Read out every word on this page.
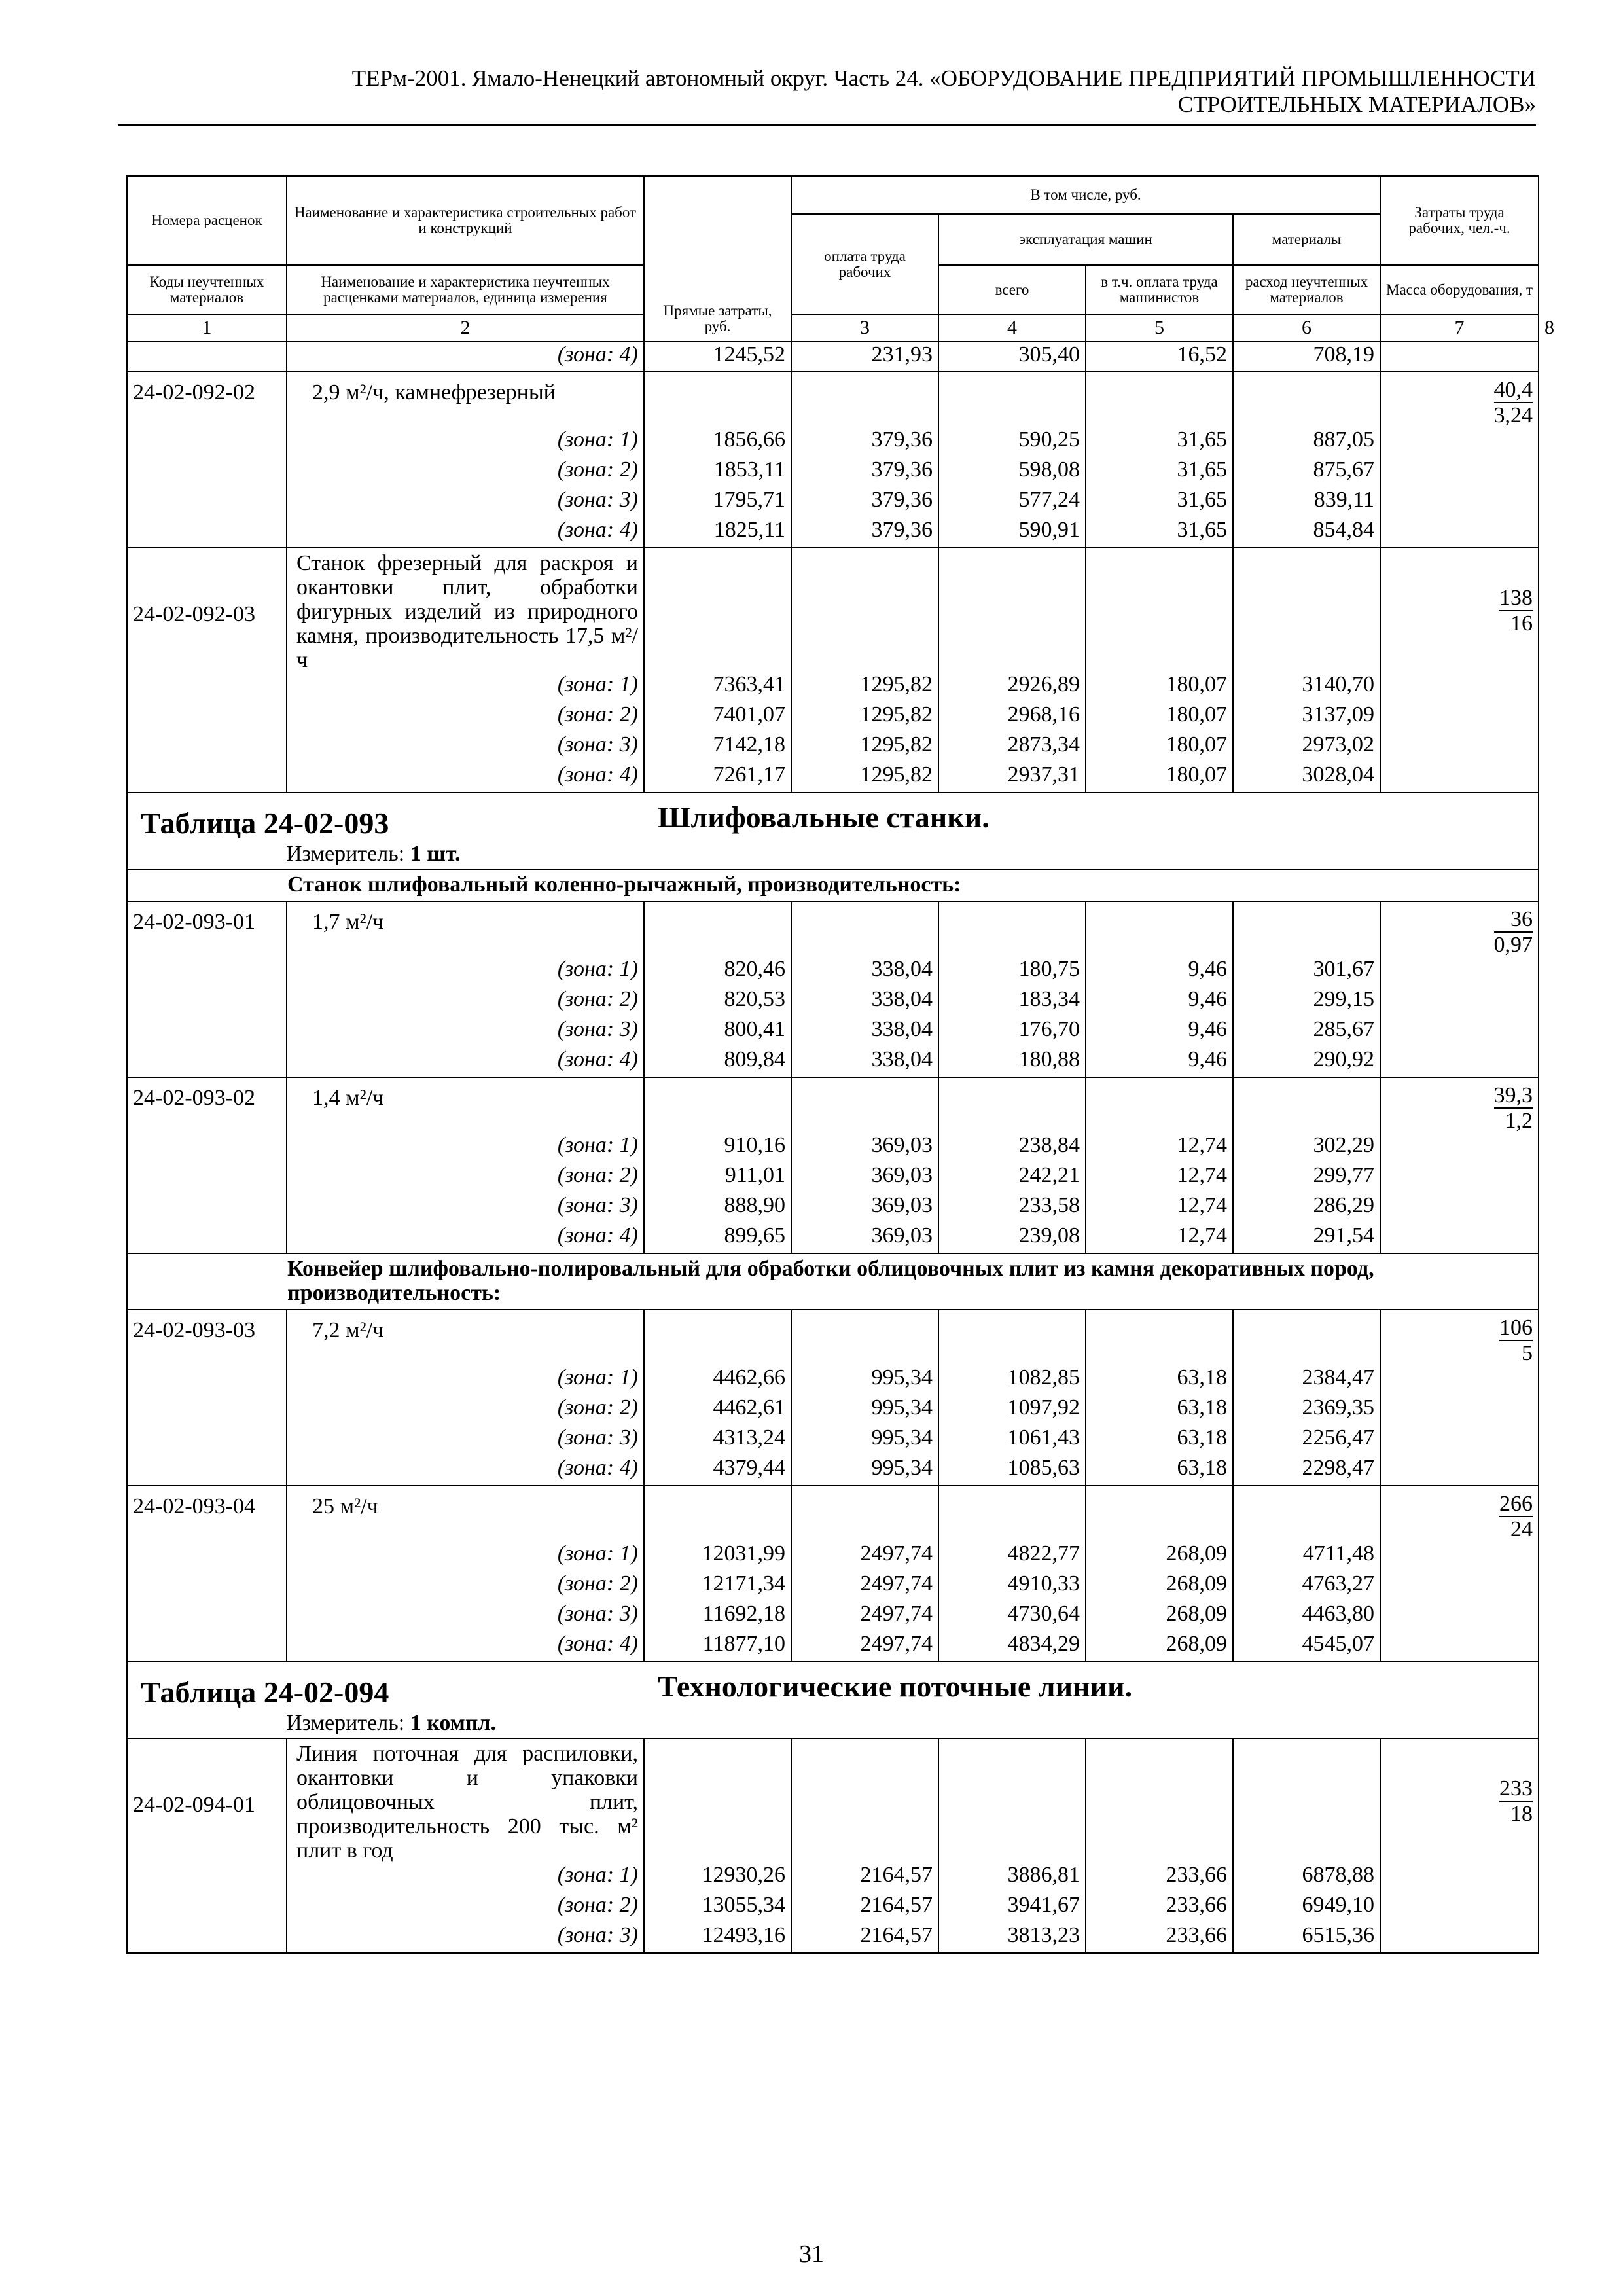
ТЕРм-2001. Ямало-Ненецкий автономный округ. Часть 24. «ОБОРУДОВАНИЕ ПРЕДПРИЯТИЙ ПРОМЫШЛЕННОСТИ
СТРОИТЕЛЬНЫХ МАТЕРИАЛОВ»
Номера расценок	Наименование и характеристика строительных работ и конструкций	Прямые затраты, руб.	В том числе, руб.				Затраты труда рабочих, чел.-ч.	
			оплата труда рабочих	эксплуатация машин		материалы		
Коды неучтенных материалов	Наименование и характеристика неучтенных расценками материалов, единица измерения			всего	в т.ч. оплата труда машинистов	расход неучтенных материалов	Масса оборудования, т	
1	2		3	4	5	6	7	8
	(зона: 4)	1245,52	231,93	305,40	16,52	708,19		
24-02-092-02	2,9 м²/ч, камнефрезерный						$\frac{40,4}{3,24}$

	(зона: 1)	1856,66	379,36	590,25	31,65	887,05		
	(зона: 2)	1853,11	379,36	598,08	31,65	875,67		
	(зона: 3)	1795,71	379,36	577,24	31,65	839,11		
	(зона: 4)	1825,11	379,36	590,91	31,65	854,84		
24-02-092-03	Станок фрезерный для раскроя и окантовки плит, обработки фигурных изделий из природного камня, производительность 17,5 м²/ч						$\frac{138}{16}$

	(зона: 1)	7363,41	1295,82	2926,89	180,07	3140,70		
	(зона: 2)	7401,07	1295,82	2968,16	180,07	3137,09		
	(зона: 3)	7142,18	1295,82	2873,34	180,07	2973,02		
	(зона: 4)	7261,17	1295,82	2937,31	180,07	3028,04		

Таблица 24-02-093 Шлифовальные станки.
Измеритель: 1 шт.								

Станок шлифовальный коленно-рычажный, производительность:								
24-02-093-01	1,7 м²/ч						$\frac{36}{0,97}$

	(зона: 1)	820,46	338,04	180,75	9,46	301,67		
	(зона: 2)	820,53	338,04	183,34	9,46	299,15		
	(зона: 3)	800,41	338,04	176,70	9,46	285,67		
	(зона: 4)	809,84	338,04	180,88	9,46	290,92		
24-02-093-02	1,4 м²/ч						$\frac{39,3}{1,2}$

	(зона: 1)	910,16	369,03	238,84	12,74	302,29		
	(зона: 2)	911,01	369,03	242,21	12,74	299,77		
	(зона: 3)	888,90	369,03	233,58	12,74	286,29		
	(зона: 4)	899,65	369,03	239,08	12,74	291,54		
Конвейер шлифовально-полировальный для обработки облицовочных плит из камня декоративных пород, производительность:								
24-02-093-03	7,2 м²/ч						$\frac{106}{5}$

	(зона: 1)	4462,66	995,34	1082,85	63,18	2384,47		
	(зона: 2)	4462,61	995,34	1097,92	63,18	2369,35		
	(зона: 3)	4313,24	995,34	1061,43	63,18	2256,47		
	(зона: 4)	4379,44	995,34	1085,63	63,18	2298,47		
24-02-093-04	25 м²/ч						$\frac{266}{24}$

	(зона: 1)	12031,99	2497,74	4822,77	268,09	4711,48		
	(зона: 2)	12171,34	2497,74	4910,33	268,09	4763,27		
	(зона: 3)	11692,18	2497,74	4730,64	268,09	4463,80		
	(зона: 4)	11877,10	2497,74	4834,29	268,09	4545,07		

Таблица 24-02-094 Технологические поточные линии.
Измеритель: 1 компл.								

24-02-094-01	Линия поточная для распиловки, окантовки и упаковки облицовочных плит, производительность 200 тыс. м² плит в год						$\frac{233}{18}$

	(зона: 1)	12930,26	2164,57	3886,81	233,66	6878,88		
	(зона: 2)	13055,34	2164,57	3941,67	233,66	6949,10		
	(зона: 3)	12493,16	2164,57	3813,23	233,66	6515,36		
31
